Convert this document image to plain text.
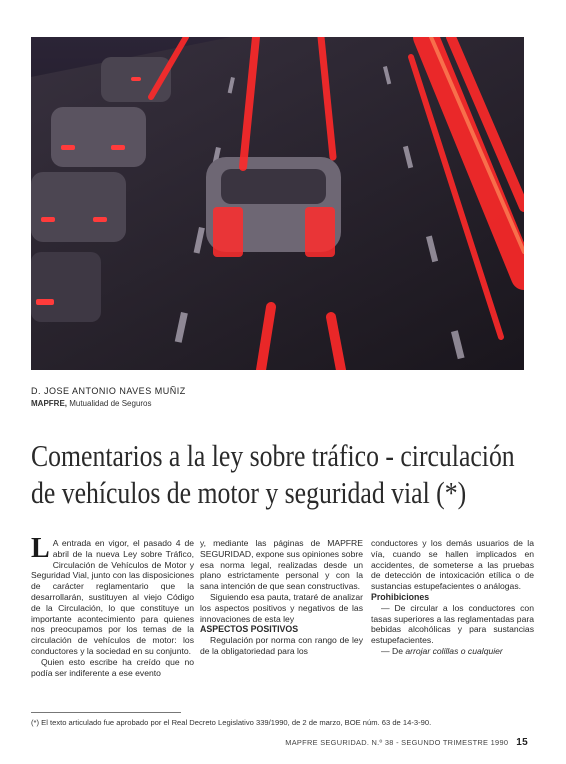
D. JOSE ANTONIO NAVES MUÑIZ
MAPFRE, Mutualidad de Seguros
Comentarios a la ley sobre tráfico - circulación
de vehículos de motor y seguridad vial (*)

L A entrada en vigor, el pasado 4 de abril de la nueva Ley sobre Tráfico, Circulación de Vehículos de Motor y Seguridad Vial, junto con las disposiciones de carácter reglamentario que la desarrollarán, sustituyen al viejo Código de la Circulación, lo que constituye un importante acontecimiento para quienes nos preocupamos por los temas de la circulación de vehículos de motor: los conductores y la sociedad en su conjunto.

Quien esto escribe ha creído que no podía ser indiferente a ese evento

y, mediante las páginas de MAPFRE SEGURIDAD, expone sus opiniones sobre esa norma legal, realizadas desde un plano estrictamente personal y con la sana intención de que sean constructivas.

Siguiendo esa pauta, trataré de analizar los aspectos positivos y negativos de las innovaciones de esta ley

ASPECTOS POSITIVOS

Regulación por norma con rango de ley de la obligatoriedad para los

conductores y los demás usuarios de la vía, cuando se hallen implicados en accidentes, de someterse a las pruebas de detección de intoxicación etílica o de sustancias estupefacientes o análogas.

Prohibiciones

— De circular a los conductores con tasas superiores a las reglamentadas para bebidas alcohólicas y para sustancias estupefacientes.

— De arrojar colillas o cualquier

(*) El texto articulado fue aprobado por el Real Decreto Legislativo 339/1990, de 2 de marzo, BOE núm. 63 de 14-3-90.
MAPFRE SEGURIDAD. N.º 38 - SEGUNDO TRIMESTRE 1990 15
